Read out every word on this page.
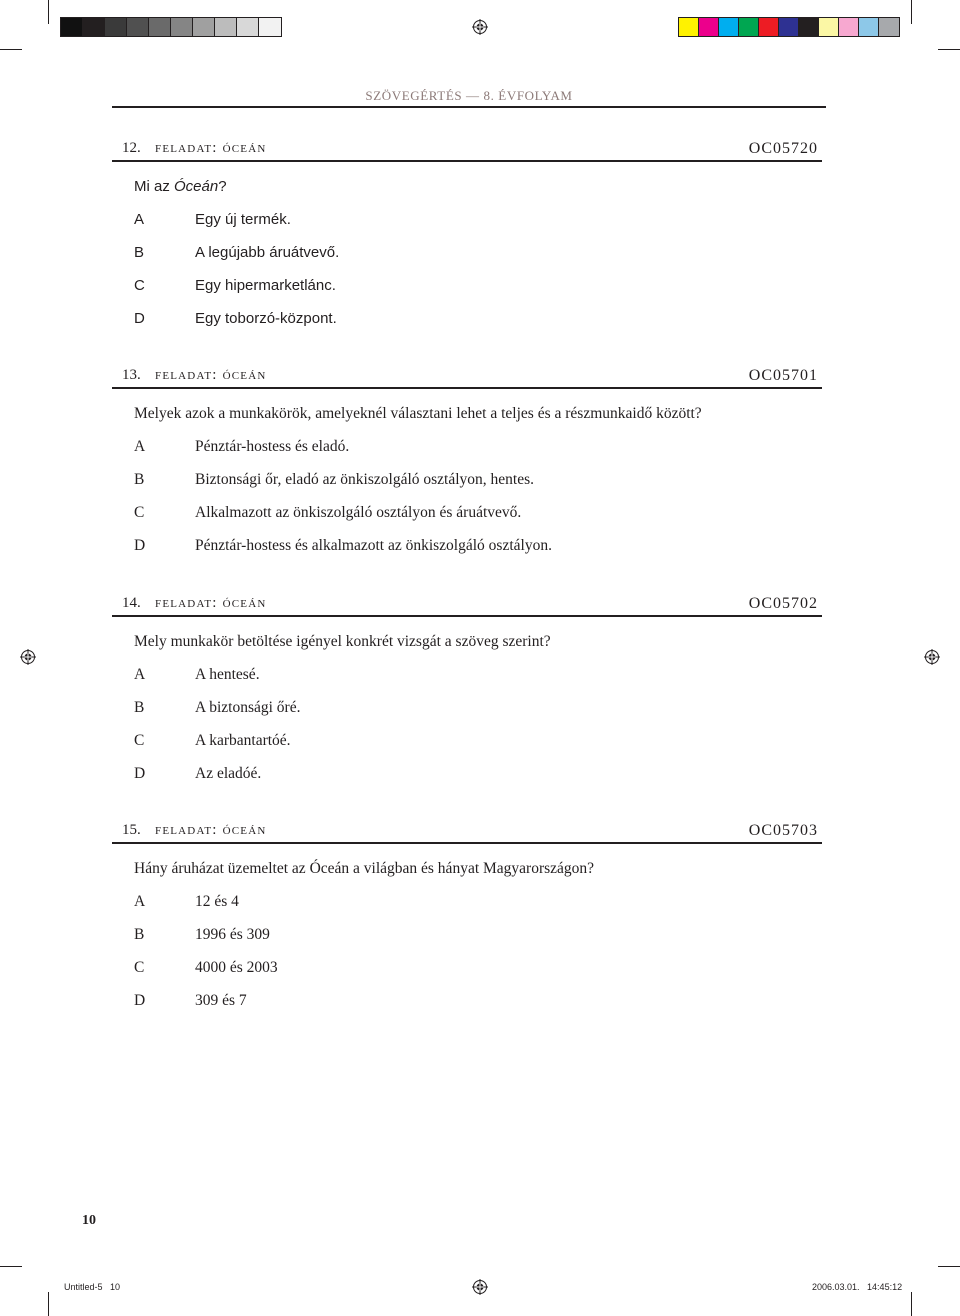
SZÖVEGÉRTÉS — 8. ÉVFOLYAM
12. feladat: óceán	OC05720
Mi az Óceán?
A	Egy új termék.
B	A legújabb áruátvevő.
C	Egy hipermarketlánc.
D	Egy toborzó-központ.
13. feladat: óceán	OC05701
Melyek azok a munkakörök, amelyeknél választani lehet a teljes és a részmunkaidő között?
A	Pénztár-hostess és eladó.
B	Biztonsági őr, eladó az önkiszolgáló osztályon, hentes.
C	Alkalmazott az önkiszolgáló osztályon és áruátvevő.
D	Pénztár-hostess és alkalmazott az önkiszolgáló osztályon.
14. feladat: óceán	OC05702
Mely munkakör betöltése igényel konkrét vizsgát a szöveg szerint?
A	A hentesé.
B	A biztonsági őré.
C	A karbantartóé.
D	Az eladóé.
15. feladat: óceán	OC05703
Hány áruházat üzemeltet az Óceán a világban és hányat Magyarországon?
A	12 és 4
B	1996 és 309
C	4000 és 2003
D	309 és 7
10
Untitled-5   10	2006.03.01.   14:45:12
